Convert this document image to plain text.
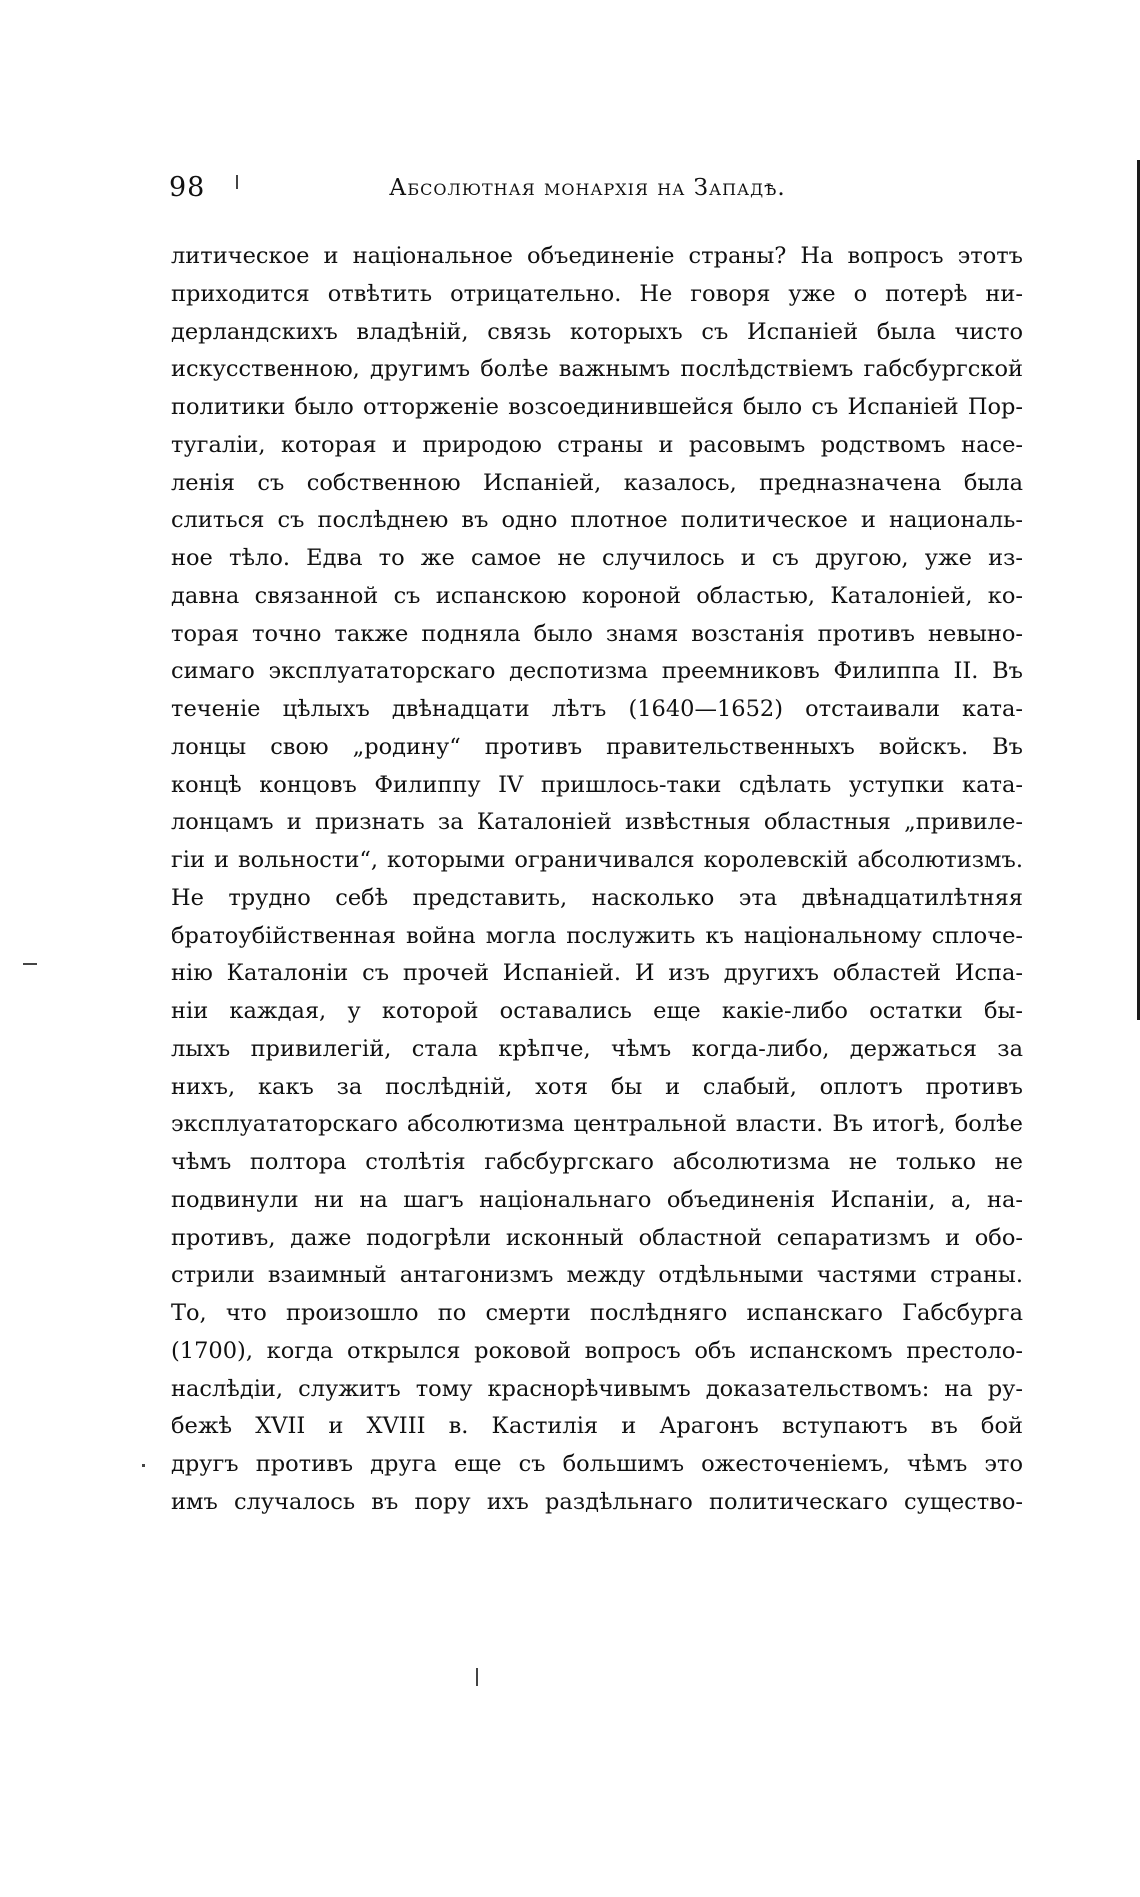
98	Абсолютная монархія на Западѣ.
литическое и національное объединеніе страны? На вопросъ этотъ
приходится отвѣтить отрицательно. Не говоря уже о потерѣ ни-
дерландскихъ владѣній, связь которыхъ съ Испаніей была чисто
искусственною, другимъ болѣе важнымъ послѣдствіемъ габсбургской
политики было отторженіе возсоединившейся было съ Испаніей Пор-
тугаліи, которая и природою страны и расовымъ родствомъ насе-
ленія съ собственною Испаніей, казалось, предназначена была
слиться съ послѣднею въ одно плотное политическое и националь-
ное тѣло. Едва то же самое не случилось и съ другою, уже из-
давна связанной съ испанскою короной областью, Каталоніей, ко-
торая точно также подняла было знамя возстанія противъ невыно-
симаго эксплуататорскаго деспотизма преемниковъ Филиппа II. Въ
теченіе цѣлыхъ двѣнадцати лѣтъ (1640—1652) отстаивали ката-
лонцы свою „родину“ противъ правительственныхъ войскъ. Въ
концѣ концовъ Филиппу IV пришлось-таки сдѣлать уступки ката-
лонцамъ и признать за Каталоніей извѣстныя областныя „привиле-
гіи и вольности“, которыми ограничивался королевскій абсолютизмъ.
Не трудно себѣ представить, насколько эта двѣнадцатилѣтняя
братоубійственная война могла послужить къ національному сплоче-
нію Каталоніи съ прочей Испаніей. И изъ другихъ областей Испа-
ніи каждая, у которой оставались еще какіе-либо остатки бы-
лыхъ привилегій, стала крѣпче, чѣмъ когда-либо, держаться за
нихъ, какъ за послѣдній, хотя бы и слабый, оплотъ противъ
эксплуататорскаго абсолютизма центральной власти. Въ итогѣ, болѣе
чѣмъ полтора столѣтія габсбургскаго абсолютизма не только не
подвинули ни на шагъ національнаго объединенія Испаніи, а, на-
противъ, даже подогрѣли исконный областной сепаратизмъ и обо-
стрили взаимный антагонизмъ между отдѣльными частями страны.
То, что произошло по смерти послѣдняго испанскаго Габсбурга
(1700), когда открылся роковой вопросъ объ испанскомъ престоло-
наслѣдіи, служитъ тому краснорѣчивымъ доказательствомъ: на ру-
бежѣ XVII и XVIII в. Кастилія и Арагонъ вступаютъ въ бой
другъ противъ друга еще съ большимъ ожесточеніемъ, чѣмъ это
имъ случалось въ пору ихъ раздѣльнаго политическаго существо-
